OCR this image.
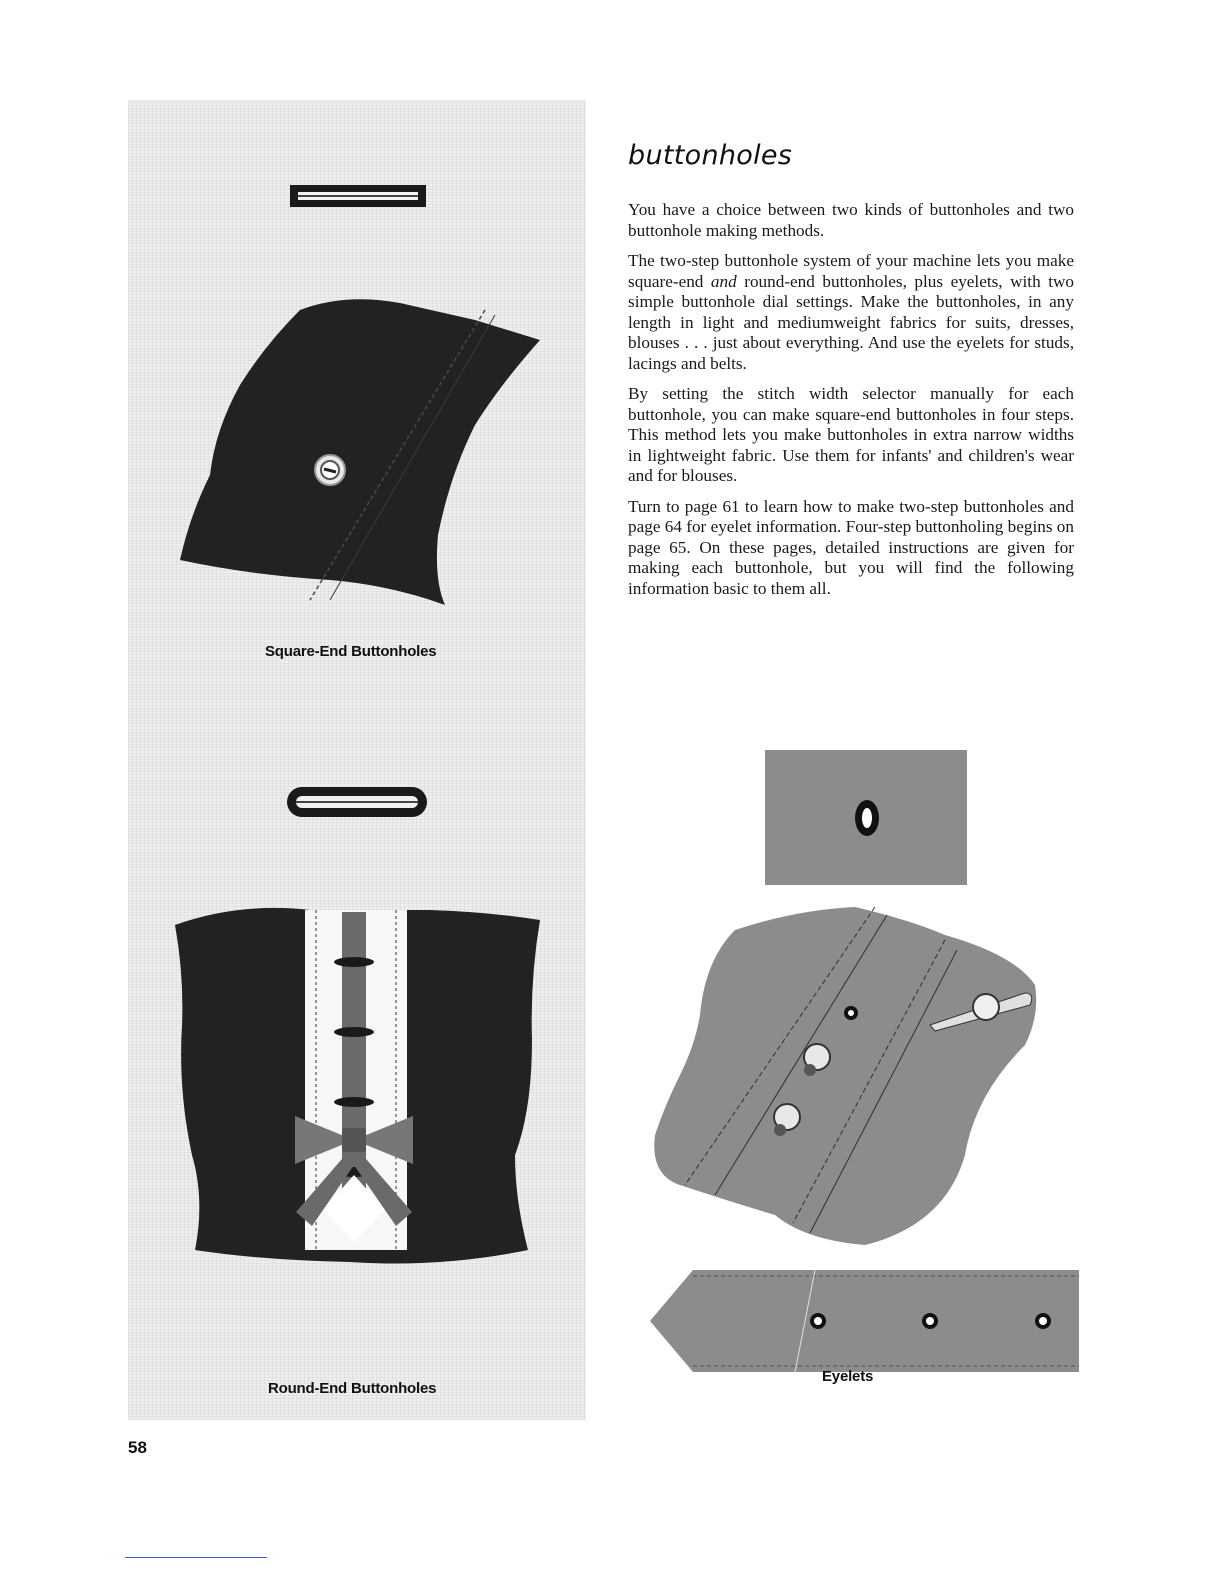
Square-End Buttonholes
Round-End Buttonholes
buttonholes

You have a choice between two kinds of buttonholes and two buttonhole making methods.

The two-step buttonhole system of your machine lets you make square-end and round-end buttonholes, plus eyelets, with two simple buttonhole dial settings. Make the buttonholes, in any length in light and mediumweight fabrics for suits, dresses, blouses . . . just about everything. And use the eyelets for studs, lacings and belts.

By setting the stitch width selector manually for each buttonhole, you can make square-end buttonholes in four steps. This method lets you make buttonholes in extra narrow widths in lightweight fabric. Use them for infants' and children's wear and for blouses.

Turn to page 61 to learn how to make two-step buttonholes and page 64 for eyelet information. Four-step buttonholing begins on page 65. On these pages, detailed instructions are given for making each buttonhole, but you will find the following information basic to them all.

Eyelets
58
